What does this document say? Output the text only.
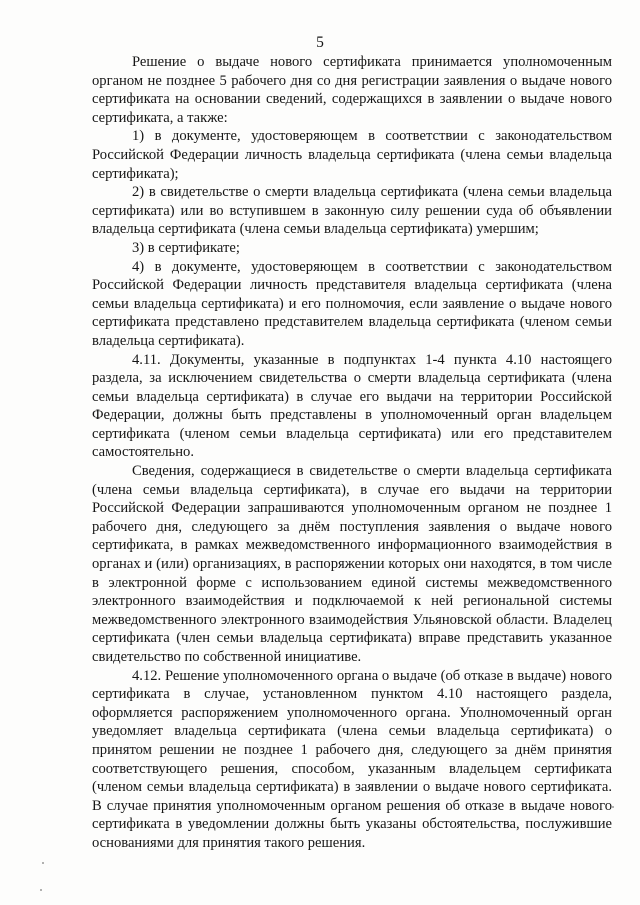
5

Решение о выдаче нового сертификата принимается уполномоченным органом не позднее 5 рабочего дня со дня регистрации заявления о выдаче нового сертификата на основании сведений, содержащихся в заявлении о выдаче нового сертификата, а также:

1) в документе, удостоверяющем в соответствии с законодательством Российской Федерации личность владельца сертификата (члена семьи владельца сертификата);

2) в свидетельстве о смерти владельца сертификата (члена семьи владельца сертификата) или во вступившем в законную силу решении суда об объявлении владельца сертификата (члена семьи владельца сертификата) умершим;

3) в сертификате;

4) в документе, удостоверяющем в соответствии с законодательством Российской Федерации личность представителя владельца сертификата (члена семьи владельца сертификата) и его полномочия, если заявление о выдаче нового сертификата представлено представителем владельца сертификата (членом семьи владельца сертификата).

4.11. Документы, указанные в подпунктах 1-4 пункта 4.10 настоящего раздела, за исключением свидетельства о смерти владельца сертификата (члена семьи владельца сертификата) в случае его выдачи на территории Российской Федерации, должны быть представлены в уполномоченный орган владельцем сертификата (членом семьи владельца сертификата) или его представителем самостоятельно.

Сведения, содержащиеся в свидетельстве о смерти владельца сертификата (члена семьи владельца сертификата), в случае его выдачи на территории Российской Федерации запрашиваются уполномоченным органом не позднее 1 рабочего дня, следующего за днём поступления заявления о выдаче нового сертификата, в рамках межведомственного информационного взаимодействия в органах и (или) организациях, в распоряжении которых они находятся, в том числе в электронной форме с использованием единой системы межведомственного электронного взаимодействия и подключаемой к ней региональной системы межведомственного электронного взаимодействия Ульяновской области. Владелец сертификата (член семьи владельца сертификата) вправе представить указанное свидетельство по собственной инициативе.

4.12. Решение уполномоченного органа о выдаче (об отказе в выдаче) нового сертификата в случае, установленном пунктом 4.10 настоящего раздела, оформляется распоряжением уполномоченного органа. Уполномоченный орган уведомляет владельца сертификата (члена семьи владельца сертификата) о принятом решении не позднее 1 рабочего дня, следующего за днём принятия соответствующего решения, способом, указанным владельцем сертификата (членом семьи владельца сертификата) в заявлении о выдаче нового сертификата. В случае принятия уполномоченным органом решения об отказе в выдаче нового сертификата в уведомлении должны быть указаны обстоятельства, послужившие основаниями для принятия такого решения.
